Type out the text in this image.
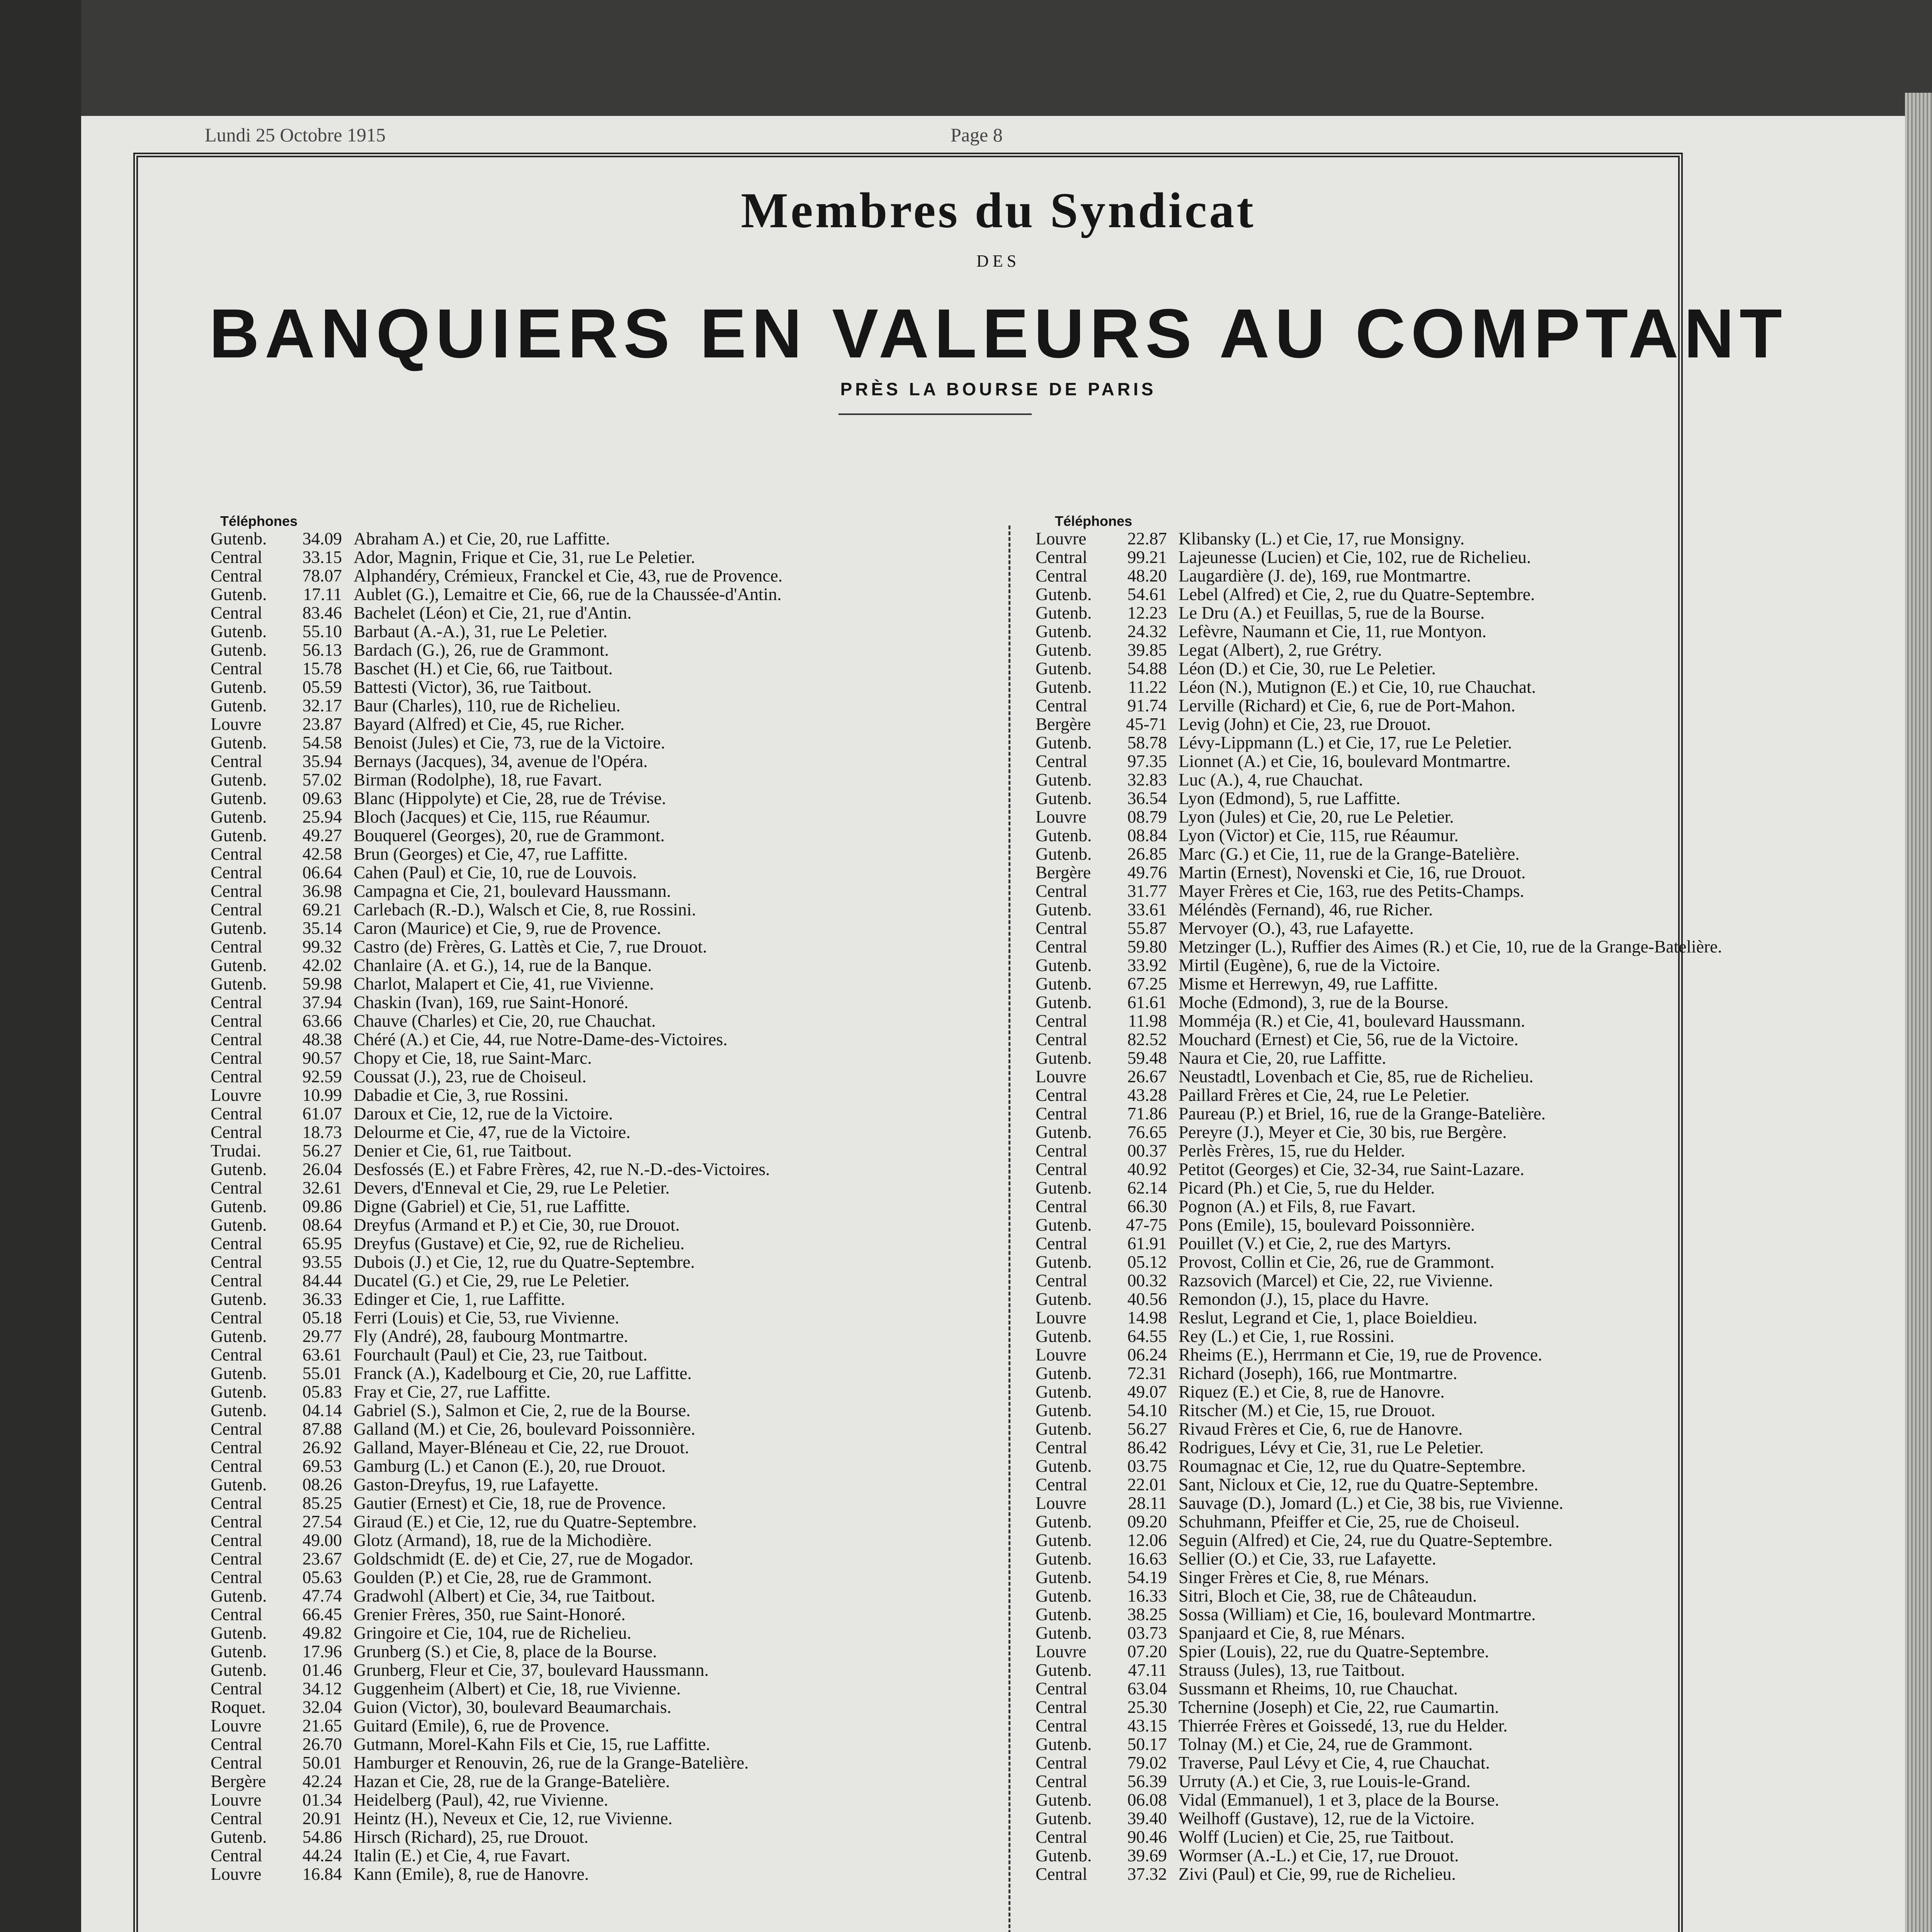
Lundi 25 Octobre 1915	Page 8
Membres du Syndicat
DES
BANQUIERS EN VALEURS AU COMPTANT
PRÈS LA BOURSE DE PARIS
Téléphones
Gutenb.	34.09 Abraham A.) et Cie, 20, rue Laffitte.
Central	33.15 Ador, Magnin, Frique et Cie, 31, rue Le Peletier.
Central	78.07 Alphandéry, Crémieux, Franckel et Cie, 43, rue de Provence.
Gutenb.	17.11 Aublet (G.), Lemaitre et Cie, 66, rue de la Chaussée-d'Antin.
Central	83.46 Bachelet (Léon) et Cie, 21, rue d'Antin.
Gutenb.	55.10 Barbaut (A.-A.), 31, rue Le Peletier.
Gutenb.	56.13 Bardach (G.), 26, rue de Grammont.
Central	15.78 Baschet (H.) et Cie, 66, rue Taitbout.
Gutenb.	05.59 Battesti (Victor), 36, rue Taitbout.
Gutenb.	32.17 Baur (Charles), 110, rue de Richelieu.
Louvre	23.87 Bayard (Alfred) et Cie, 45, rue Richer.
Gutenb.	54.58 Benoist (Jules) et Cie, 73, rue de la Victoire.
Central	35.94 Bernays (Jacques), 34, avenue de l'Opéra.
Gutenb.	57.02 Birman (Rodolphe), 18, rue Favart.
Gutenb.	09.63 Blanc (Hippolyte) et Cie, 28, rue de Trévise.
Gutenb.	25.94 Bloch (Jacques) et Cie, 115, rue Réaumur.
Gutenb.	49.27 Bouquerel (Georges), 20, rue de Grammont.
Central	42.58 Brun (Georges) et Cie, 47, rue Laffitte.
Central	06.64 Cahen (Paul) et Cie, 10, rue de Louvois.
Central	36.98 Campagna et Cie, 21, boulevard Haussmann.
Central	69.21 Carlebach (R.-D.), Walsch et Cie, 8, rue Rossini.
Gutenb.	35.14 Caron (Maurice) et Cie, 9, rue de Provence.
Central	99.32 Castro (de) Frères, G. Lattès et Cie, 7, rue Drouot.
Gutenb.	42.02 Chanlaire (A. et G.), 14, rue de la Banque.
Gutenb.	59.98 Charlot, Malapert et Cie, 41, rue Vivienne.
Central	37.94 Chaskin (Ivan), 169, rue Saint-Honoré.
Central	63.66 Chauve (Charles) et Cie, 20, rue Chauchat.
Central	48.38 Chéré (A.) et Cie, 44, rue Notre-Dame-des-Victoires.
Central	90.57 Chopy et Cie, 18, rue Saint-Marc.
Central	92.59 Coussat (J.), 23, rue de Choiseul.
Louvre	10.99 Dabadie et Cie, 3, rue Rossini.
Central	61.07 Daroux et Cie, 12, rue de la Victoire.
Central	18.73 Delourme et Cie, 47, rue de la Victoire.
Trudai.	56.27 Denier et Cie, 61, rue Taitbout.
Gutenb.	26.04 Desfossés (E.) et Fabre Frères, 42, rue N.-D.-des-Victoires.
Central	32.61 Devers, d'Enneval et Cie, 29, rue Le Peletier.
Gutenb.	09.86 Digne (Gabriel) et Cie, 51, rue Laffitte.
Gutenb.	08.64 Dreyfus (Armand et P.) et Cie, 30, rue Drouot.
Central	65.95 Dreyfus (Gustave) et Cie, 92, rue de Richelieu.
Central	93.55 Dubois (J.) et Cie, 12, rue du Quatre-Septembre.
Central	84.44 Ducatel (G.) et Cie, 29, rue Le Peletier.
Gutenb.	36.33 Edinger et Cie, 1, rue Laffitte.
Central	05.18 Ferri (Louis) et Cie, 53, rue Vivienne.
Gutenb.	29.77 Fly (André), 28, faubourg Montmartre.
Central	63.61 Fourchault (Paul) et Cie, 23, rue Taitbout.
Gutenb.	55.01 Franck (A.), Kadelbourg et Cie, 20, rue Laffitte.
Gutenb.	05.83 Fray et Cie, 27, rue Laffitte.
Gutenb.	04.14 Gabriel (S.), Salmon et Cie, 2, rue de la Bourse.
Central	87.88 Galland (M.) et Cie, 26, boulevard Poissonnière.
Central	26.92 Galland, Mayer-Bléneau et Cie, 22, rue Drouot.
Central	69.53 Gamburg (L.) et Canon (E.), 20, rue Drouot.
Gutenb.	08.26 Gaston-Dreyfus, 19, rue Lafayette.
Central	85.25 Gautier (Ernest) et Cie, 18, rue de Provence.
Central	27.54 Giraud (E.) et Cie, 12, rue du Quatre-Septembre.
Central	49.00 Glotz (Armand), 18, rue de la Michodière.
Central	23.67 Goldschmidt (E. de) et Cie, 27, rue de Mogador.
Central	05.63 Goulden (P.) et Cie, 28, rue de Grammont.
Gutenb.	47.74 Gradwohl (Albert) et Cie, 34, rue Taitbout.
Central	66.45 Grenier Frères, 350, rue Saint-Honoré.
Gutenb.	49.82 Gringoire et Cie, 104, rue de Richelieu.
Gutenb.	17.96 Grunberg (S.) et Cie, 8, place de la Bourse.
Gutenb.	01.46 Grunberg, Fleur et Cie, 37, boulevard Haussmann.
Central	34.12 Guggenheim (Albert) et Cie, 18, rue Vivienne.
Roquet.	32.04 Guion (Victor), 30, boulevard Beaumarchais.
Louvre	21.65 Guitard (Emile), 6, rue de Provence.
Central	26.70 Gutmann, Morel-Kahn Fils et Cie, 15, rue Laffitte.
Central	50.01 Hamburger et Renouvin, 26, rue de la Grange-Batelière.
Bergère	42.24 Hazan et Cie, 28, rue de la Grange-Batelière.
Louvre	01.34 Heidelberg (Paul), 42, rue Vivienne.
Central	20.91 Heintz (H.), Neveux et Cie, 12, rue Vivienne.
Gutenb.	54.86 Hirsch (Richard), 25, rue Drouot.
Central	44.24 Italin (E.) et Cie, 4, rue Favart.
Louvre	16.84 Kann (Emile), 8, rue de Hanovre.
Téléphones
Louvre	22.87 Klibansky (L.) et Cie, 17, rue Monsigny.
Central	99.21 Lajeunesse (Lucien) et Cie, 102, rue de Richelieu.
Central	48.20 Laugardière (J. de), 169, rue Montmartre.
Gutenb.	54.61 Lebel (Alfred) et Cie, 2, rue du Quatre-Septembre.
Gutenb.	12.23 Le Dru (A.) et Feuillas, 5, rue de la Bourse.
Gutenb.	24.32 Lefèvre, Naumann et Cie, 11, rue Montyon.
Gutenb.	39.85 Legat (Albert), 2, rue Grétry.
Gutenb.	54.88 Léon (D.) et Cie, 30, rue Le Peletier.
Gutenb.	11.22 Léon (N.), Mutignon (E.) et Cie, 10, rue Chauchat.
Central	91.74 Lerville (Richard) et Cie, 6, rue de Port-Mahon.
Bergère	45-71 Levig (John) et Cie, 23, rue Drouot.
Gutenb.	58.78 Lévy-Lippmann (L.) et Cie, 17, rue Le Peletier.
Central	97.35 Lionnet (A.) et Cie, 16, boulevard Montmartre.
Gutenb.	32.83 Luc (A.), 4, rue Chauchat.
Gutenb.	36.54 Lyon (Edmond), 5, rue Laffitte.
Louvre	08.79 Lyon (Jules) et Cie, 20, rue Le Peletier.
Gutenb.	08.84 Lyon (Victor) et Cie, 115, rue Réaumur.
Gutenb.	26.85 Marc (G.) et Cie, 11, rue de la Grange-Batelière.
Bergère	49.76 Martin (Ernest), Novenski et Cie, 16, rue Drouot.
Central	31.77 Mayer Frères et Cie, 163, rue des Petits-Champs.
Gutenb.	33.61 Méléndès (Fernand), 46, rue Richer.
Central	55.87 Mervoyer (O.), 43, rue Lafayette.
Central	59.80 Metzinger (L.), Ruffier des Aimes (R.) et Cie, 10, rue de la Grange-Batelière.
Gutenb.	33.92 Mirtil (Eugène), 6, rue de la Victoire.
Gutenb.	67.25 Misme et Herrewyn, 49, rue Laffitte.
Gutenb.	61.61 Moche (Edmond), 3, rue de la Bourse.
Central	11.98 Momméja (R.) et Cie, 41, boulevard Haussmann.
Central	82.52 Mouchard (Ernest) et Cie, 56, rue de la Victoire.
Gutenb.	59.48 Naura et Cie, 20, rue Laffitte.
Louvre	26.67 Neustadtl, Lovenbach et Cie, 85, rue de Richelieu.
Central	43.28 Paillard Frères et Cie, 24, rue Le Peletier.
Central	71.86 Paureau (P.) et Briel, 16, rue de la Grange-Batelière.
Gutenb.	76.65 Pereyre (J.), Meyer et Cie, 30 bis, rue Bergère.
Central	00.37 Perlès Frères, 15, rue du Helder.
Central	40.92 Petitot (Georges) et Cie, 32-34, rue Saint-Lazare.
Gutenb.	62.14 Picard (Ph.) et Cie, 5, rue du Helder.
Central	66.30 Pognon (A.) et Fils, 8, rue Favart.
Gutenb.	47-75 Pons (Emile), 15, boulevard Poissonnière.
Central	61.91 Pouillet (V.) et Cie, 2, rue des Martyrs.
Gutenb.	05.12 Provost, Collin et Cie, 26, rue de Grammont.
Central	00.32 Razsovich (Marcel) et Cie, 22, rue Vivienne.
Gutenb.	40.56 Remondon (J.), 15, place du Havre.
Louvre	14.98 Reslut, Legrand et Cie, 1, place Boieldieu.
Gutenb.	64.55 Rey (L.) et Cie, 1, rue Rossini.
Louvre	06.24 Rheims (E.), Herrmann et Cie, 19, rue de Provence.
Gutenb.	72.31 Richard (Joseph), 166, rue Montmartre.
Gutenb.	49.07 Riquez (E.) et Cie, 8, rue de Hanovre.
Gutenb.	54.10 Ritscher (M.) et Cie, 15, rue Drouot.
Gutenb.	56.27 Rivaud Frères et Cie, 6, rue de Hanovre.
Central	86.42 Rodrigues, Lévy et Cie, 31, rue Le Peletier.
Gutenb.	03.75 Roumagnac et Cie, 12, rue du Quatre-Septembre.
Central	22.01 Sant, Nicloux et Cie, 12, rue du Quatre-Septembre.
Louvre	28.11 Sauvage (D.), Jomard (L.) et Cie, 38 bis, rue Vivienne.
Gutenb.	09.20 Schuhmann, Pfeiffer et Cie, 25, rue de Choiseul.
Gutenb.	12.06 Seguin (Alfred) et Cie, 24, rue du Quatre-Septembre.
Gutenb.	16.63 Sellier (O.) et Cie, 33, rue Lafayette.
Gutenb.	54.19 Singer Frères et Cie, 8, rue Ménars.
Gutenb.	16.33 Sitri, Bloch et Cie, 38, rue de Châteaudun.
Gutenb.	38.25 Sossa (William) et Cie, 16, boulevard Montmartre.
Gutenb.	03.73 Spanjaard et Cie, 8, rue Ménars.
Louvre	07.20 Spier (Louis), 22, rue du Quatre-Septembre.
Gutenb.	47.11 Strauss (Jules), 13, rue Taitbout.
Central	63.04 Sussmann et Rheims, 10, rue Chauchat.
Central	25.30 Tchernine (Joseph) et Cie, 22, rue Caumartin.
Central	43.15 Thierrée Frères et Goissedé, 13, rue du Helder.
Gutenb.	50.17 Tolnay (M.) et Cie, 24, rue de Grammont.
Central	79.02 Traverse, Paul Lévy et Cie, 4, rue Chauchat.
Central	56.39 Urruty (A.) et Cie, 3, rue Louis-le-Grand.
Gutenb.	06.08 Vidal (Emmanuel), 1 et 3, place de la Bourse.
Gutenb.	39.40 Weilhoff (Gustave), 12, rue de la Victoire.
Central	90.46 Wolff (Lucien) et Cie, 25, rue Taitbout.
Gutenb.	39.69 Wormser (A.-L.) et Cie, 17, rue Drouot.
Central	37.32 Zivi (Paul) et Cie, 99, rue de Richelieu.
